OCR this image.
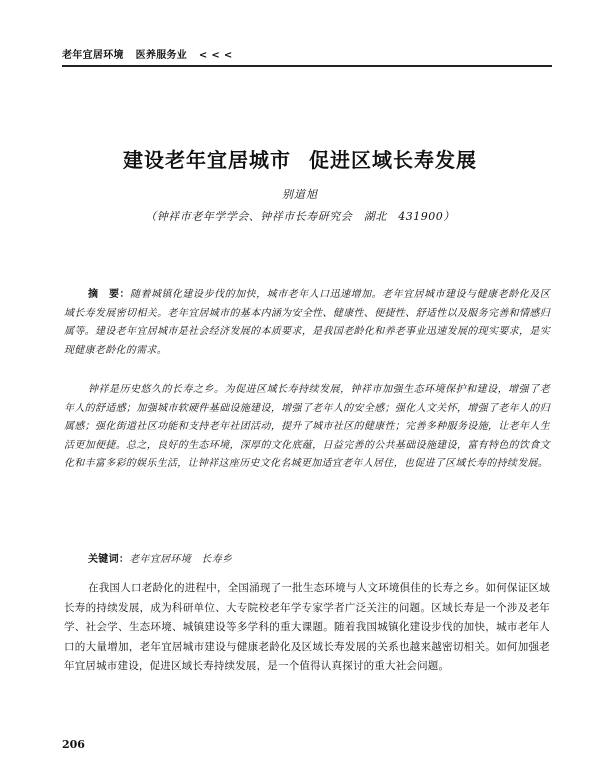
老年宜居环境 医养服务业 < < <
建设老年宜居城市 促进区域长寿发展
别道旭
（钟祥市老年学学会、钟祥市长寿研究会　湖北　431900）
摘　要：随着城镇化建设步伐的加快，城市老年人口迅速增加。老年宜居城市建设与健康老龄化及区域长寿发展密切相关。老年宜居城市的基本内涵为安全性、健康性、便捷性、舒适性以及服务完善和情感归属等。建设老年宜居城市是社会经济发展的本质要求，是我国老龄化和养老事业迅速发展的现实要求，是实现健康老龄化的需求。
钟祥是历史悠久的长寿之乡。为促进区域长寿持续发展，钟祥市加强生态环境保护和建设，增强了老年人的舒适感；加强城市软硬件基础设施建设，增强了老年人的安全感；强化人文关怀，增强了老年人的归属感；强化街道社区功能和支持老年社团活动，提升了城市社区的健康性；完善多种服务设施，让老年人生活更加便捷。总之，良好的生态环境，深厚的文化底蕴，日益完善的公共基础设施建设，富有特色的饮食文化和丰富多彩的娱乐生活，让钟祥这座历史文化名城更加适宜老年人居住，也促进了区域长寿的持续发展。
关键词：老年宜居环境　长寿乡
在我国人口老龄化的进程中，全国涌现了一批生态环境与人文环境俱佳的长寿之乡。如何保证区域长寿的持续发展，成为科研单位、大专院校老年学专家学者广泛关注的问题。区域长寿是一个涉及老年学、社会学、生态环境、城镇建设等多学科的重大课题。随着我国城镇化建设步伐的加快，城市老年人口的大量增加，老年宜居城市建设与健康老龄化及区域长寿发展的关系也越来越密切相关。如何加强老年宜居城市建设，促进区域长寿持续发展，是一个值得认真探讨的重大社会问题。
206
